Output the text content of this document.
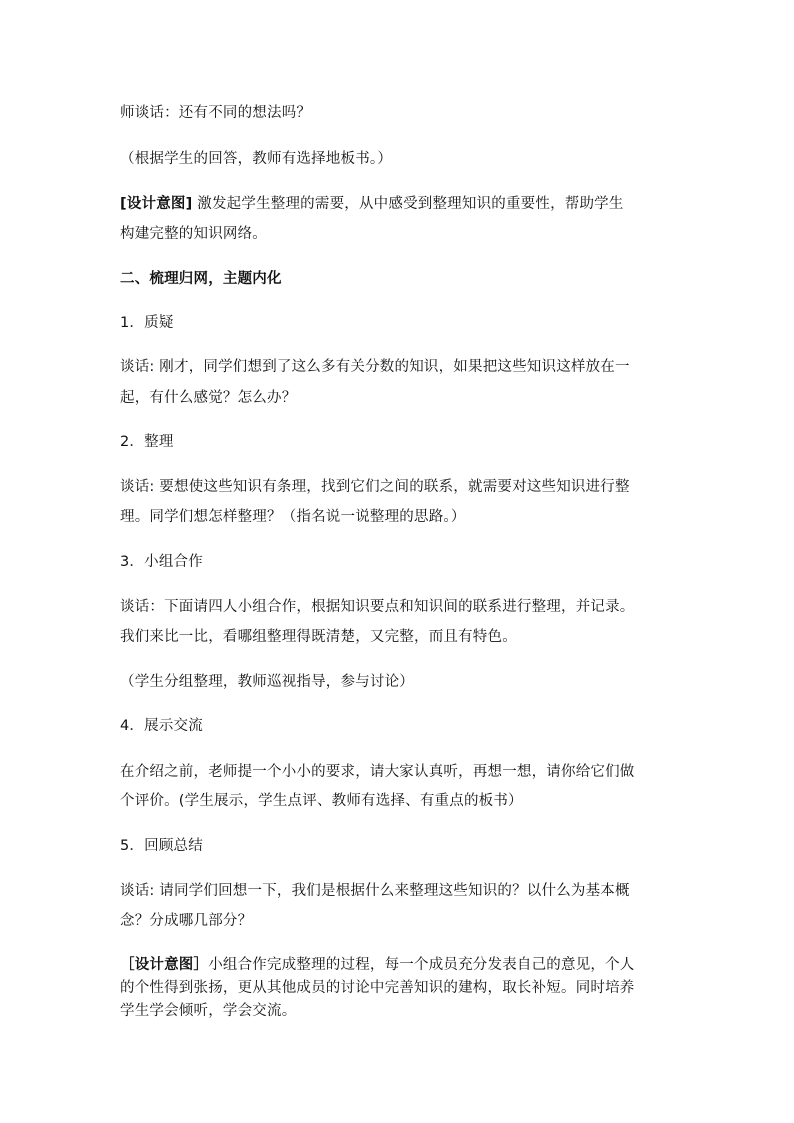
师谈话：还有不同的想法吗？
（根据学生的回答，教师有选择地板书。）
[设计意图] 激发起学生整理的需要，从中感受到整理知识的重要性，帮助学生
构建完整的知识网络。
二、梳理归网，主题内化
1．质疑
谈话: 刚才，同学们想到了这么多有关分数的知识，如果把这些知识这样放在一
起，有什么感觉？怎么办？
2．整理
谈话: 要想使这些知识有条理，找到它们之间的联系，就需要对这些知识进行整
理。同学们想怎样整理？（指名说一说整理的思路。）
3．小组合作
谈话：下面请四人小组合作，根据知识要点和知识间的联系进行整理，并记录。
我们来比一比，看哪组整理得既清楚，又完整，而且有特色。
（学生分组整理，教师巡视指导，参与讨论）
4．展示交流
在介绍之前，老师提一个小小的要求，请大家认真听，再想一想，请你给它们做
个评价。(学生展示，学生点评、教师有选择、有重点的板书）
5．回顾总结
谈话: 请同学们回想一下，我们是根据什么来整理这些知识的？以什么为基本概
念？分成哪几部分？
［设计意图］小组合作完成整理的过程，每一个成员充分发表自己的意见，个人
的个性得到张扬，更从其他成员的讨论中完善知识的建构，取长补短。同时培养
学生学会倾听，学会交流。
